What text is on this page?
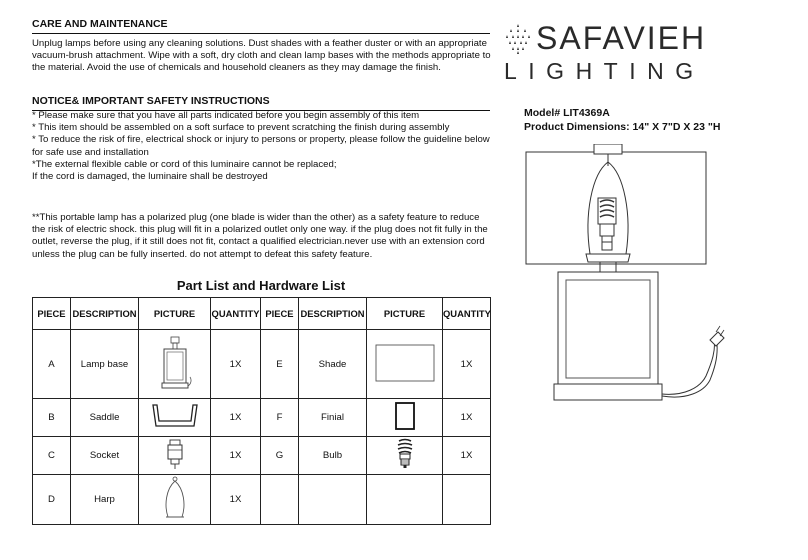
CARE AND MAINTENANCE
Unplug lamps before using any cleaning solutions. Dust shades with a feather duster or with an appropriate
vacuum-brush attachment. Wipe with a soft, dry cloth and clean lamp bases with the methods appropriate to
the material. Avoid the use of chemicals and household cleaners as they may damage the finish.
NOTICE& IMPORTANT SAFETY INSTRUCTIONS
* Please make sure that you have all parts indicated before you begin assembly of this item
* This item should be assembled on a soft surface to prevent scratching the finish during assembly
* To reduce the risk of fire, electrical shock or injury to persons or property, please follow the guideline below
for safe use and installation
*The external flexible cable or cord of this luminaire cannot be replaced;
If the cord is damaged, the luminaire shall be destroyed
**This portable lamp has a polarized plug (one blade is wider than the other) as a safety feature to reduce
the risk of electric shock. this plug will fit in a polarized outlet only one way. if the plug does not fit fully in the
outlet, reverse the plug, if it still does not fit, contact a qualified electrician.never use with an extension cord
unless the plug can be fully inserted. do not attempt to defeat this safety feature.
Part List and Hardware List
PIECE	DESCRIPTION	PICTURE	QUANTITY	PIECE	DESCRIPTION	PICTURE	QUANTITY
A	Lamp base		1X	E	Shade		1X
B	Saddle		1X	F	Finial		1X
C	Socket		1X	G	Bulb		1X
D	Harp		1X				
SAFAVIEH
LIGHTING
Model# LIT4369A
Product Dimensions: 14" X 7"D X 23 "H
